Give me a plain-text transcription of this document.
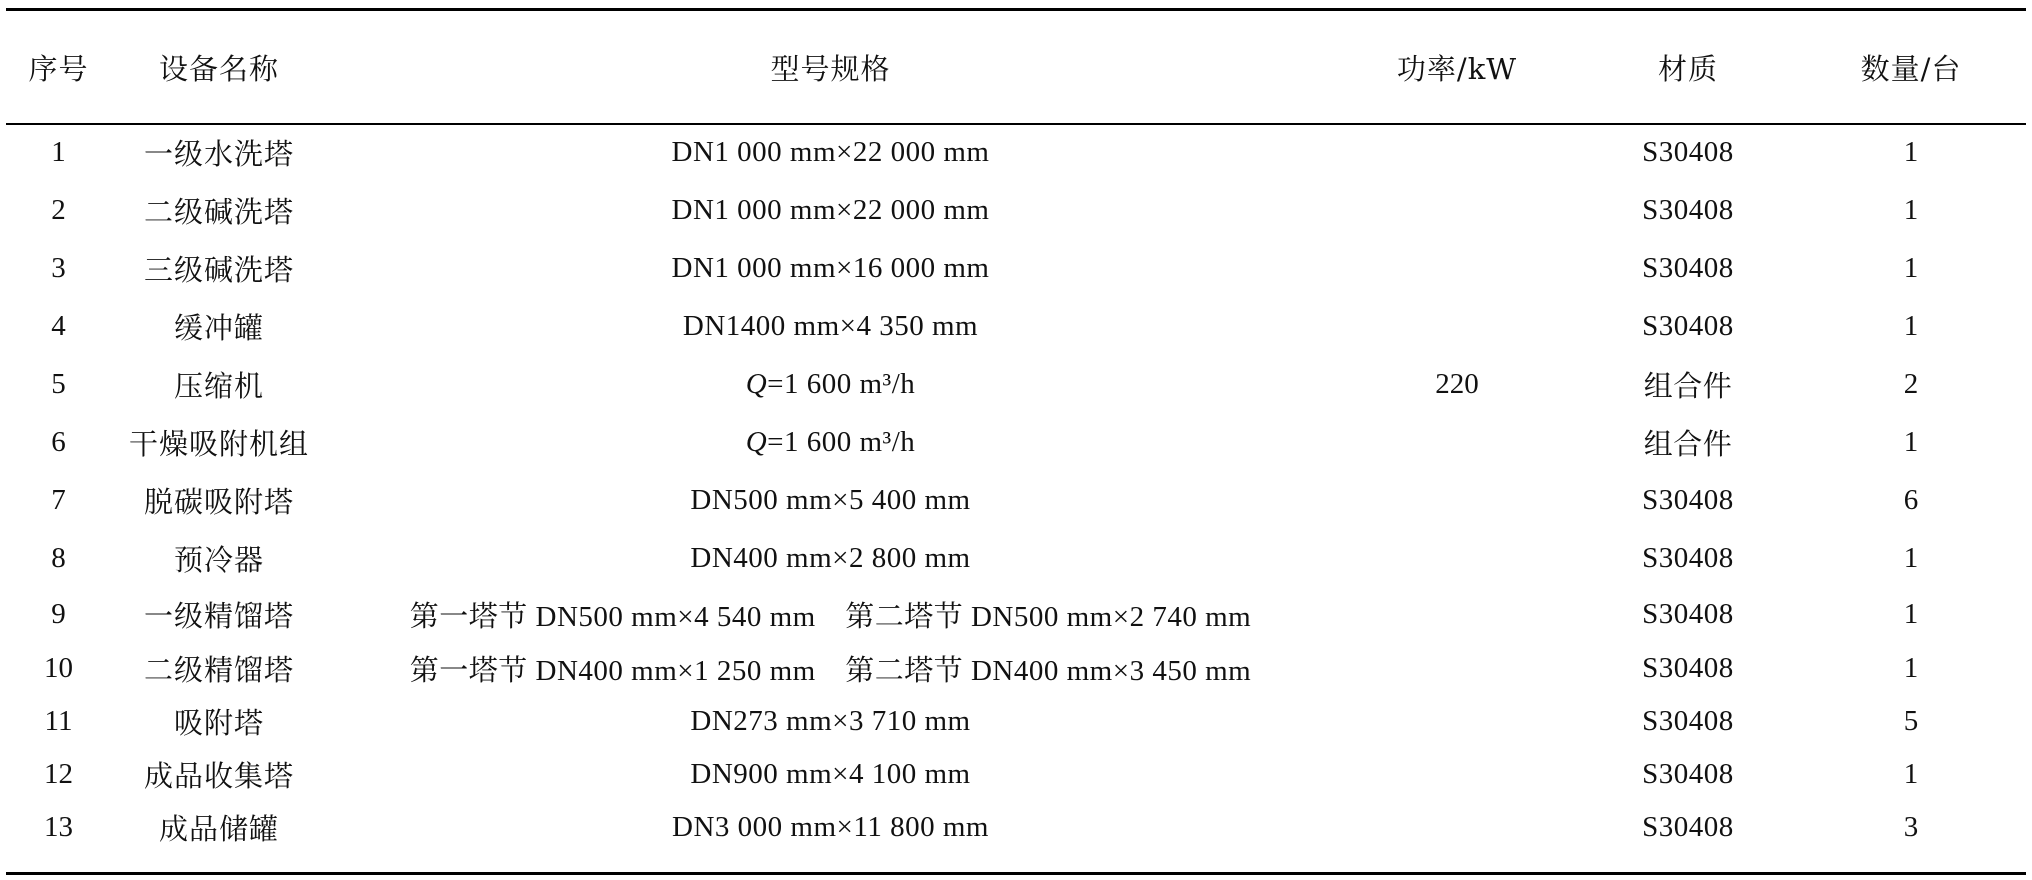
序号	设备名称	型号规格	功率/kW	材质	数量/台
1	一级水洗塔	DN1 000 mm×22 000 mm		S30408	1
2	二级碱洗塔	DN1 000 mm×22 000 mm		S30408	1
3	三级碱洗塔	DN1 000 mm×16 000 mm		S30408	1
4	缓冲罐	DN1400 mm×4 350 mm		S30408	1
5	压缩机	Q=1 600 m³/h	220	组合件	2
6	干燥吸附机组	Q=1 600 m³/h		组合件	1
7	脱碳吸附塔	DN500 mm×5 400 mm		S30408	6
8	预冷器	DN400 mm×2 800 mm		S30408	1
9	一级精馏塔	第一塔节 DN500 mm×4 540 mm　第二塔节 DN500 mm×2 740 mm		S30408	1
10	二级精馏塔	第一塔节 DN400 mm×1 250 mm　第二塔节 DN400 mm×3 450 mm		S30408	1
11	吸附塔	DN273 mm×3 710 mm		S30408	5
12	成品收集塔	DN900 mm×4 100 mm		S30408	1
13	成品储罐	DN3 000 mm×11 800 mm		S30408	3
